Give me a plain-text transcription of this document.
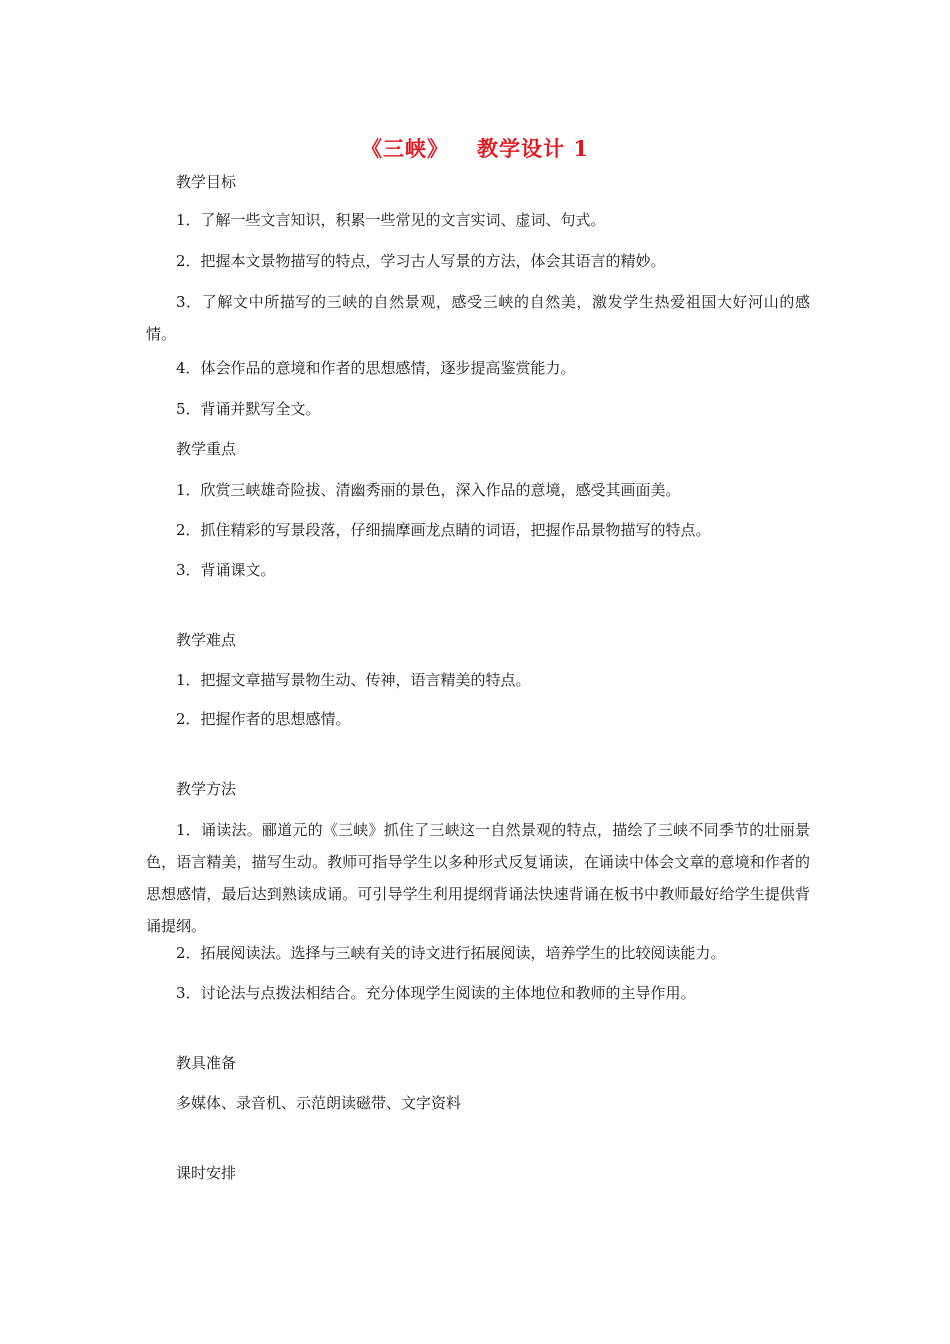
《三峡》 教学设计 1
教学目标
1．了解一些文言知识，积累一些常见的文言实词、虚词、句式。
2．把握本文景物描写的特点，学习古人写景的方法，体会其语言的精妙。
3．了解文中所描写的三峡的自然景观，感受三峡的自然美，激发学生热爱祖国大好河山的感情。
4．体会作品的意境和作者的思想感情，逐步提高鉴赏能力。
5．背诵并默写全文。
教学重点
1．欣赏三峡雄奇险拔、清幽秀丽的景色，深入作品的意境，感受其画面美。
2．抓住精彩的写景段落，仔细揣摩画龙点睛的词语，把握作品景物描写的特点。
3．背诵课文。
教学难点
1．把握文章描写景物生动、传神，语言精美的特点。
2．把握作者的思想感情。
教学方法
1．诵读法。郦道元的《三峡》抓住了三峡这一自然景观的特点，描绘了三峡不同季节的壮丽景色，语言精美，描写生动。教师可指导学生以多种形式反复诵读，在诵读中体会文章的意境和作者的思想感情，最后达到熟读成诵。可引导学生利用提纲背诵法快速背诵在板书中教师最好给学生提供背诵提纲。
2．拓展阅读法。选择与三峡有关的诗文进行拓展阅读，培养学生的比较阅读能力。
3．讨论法与点拨法相结合。充分体现学生阅读的主体地位和教师的主导作用。
教具准备
多媒体、录音机、示范朗读磁带、文字资料
课时安排
